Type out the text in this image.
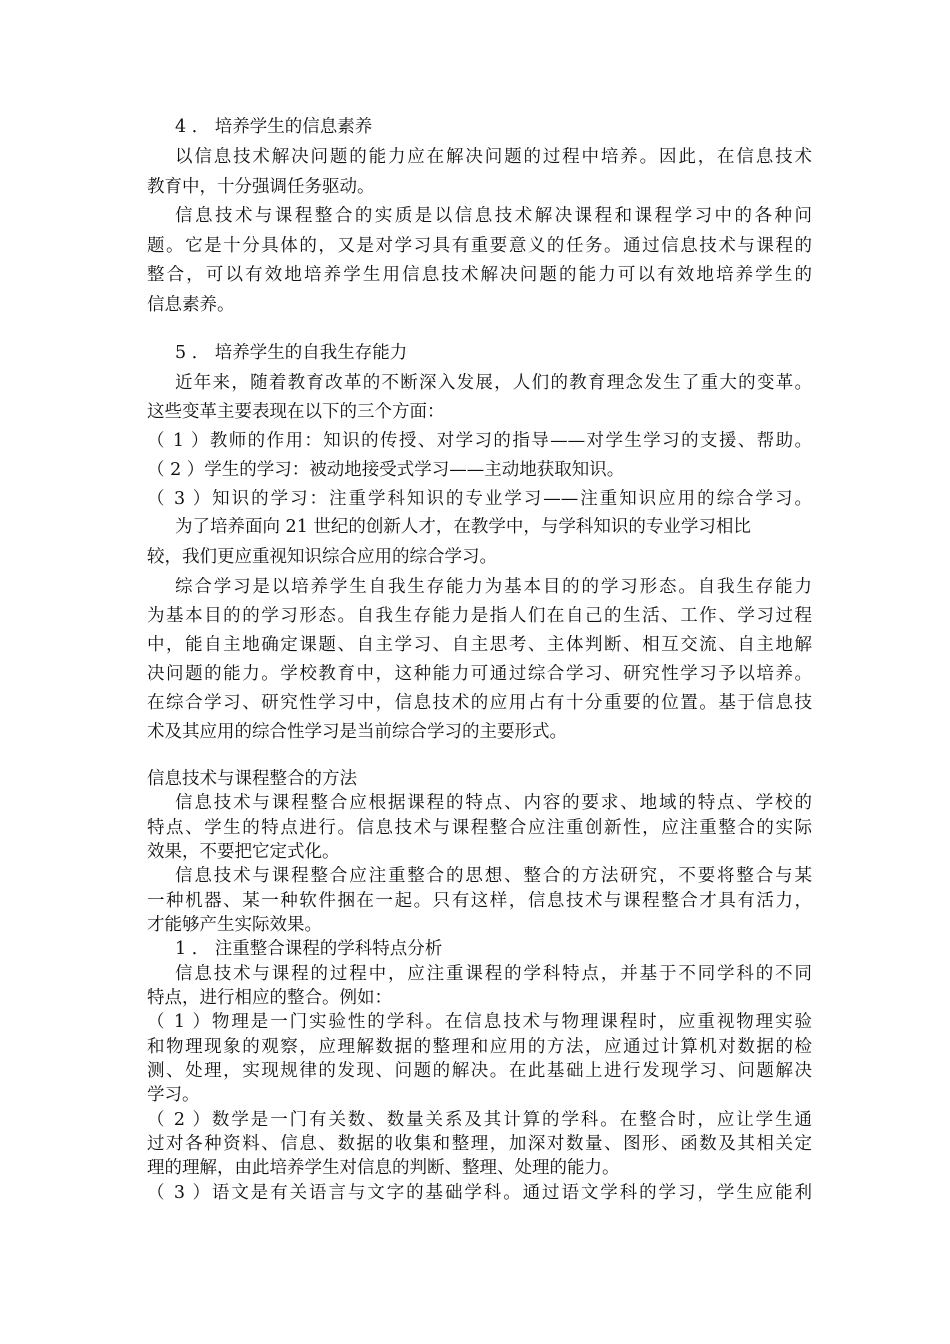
4 ． 培养学生的信息素养
以信息技术解决问题的能力应在解决问题的过程中培养。因此，在信息技术
教育中，十分强调任务驱动。
信息技术与课程整合的实质是以信息技术解决课程和课程学习中的各种问
题。它是十分具体的，又是对学习具有重要意义的任务。通过信息技术与课程的
整合，可以有效地培养学生用信息技术解决问题的能力可以有效地培养学生的
信息素养。
5 ． 培养学生的自我生存能力
近年来，随着教育改革的不断深入发展，人们的教育理念发生了重大的变革。
这些变革主要表现在以下的三个方面：
（ 1 ）教师的作用：知识的传授、对学习的指导——对学生学习的支援、帮助。
（ 2 ）学生的学习：被动地接受式学习——主动地获取知识。
（ 3 ）知识的学习：注重学科知识的专业学习——注重知识应用的综合学习。
为了培养面向 21 世纪的创新人才，在教学中，与学科知识的专业学习相比
较，我们更应重视知识综合应用的综合学习。
综合学习是以培养学生自我生存能力为基本目的的学习形态。自我生存能力
为基本目的的学习形态。自我生存能力是指人们在自己的生活、工作、学习过程
中，能自主地确定课题、自主学习、自主思考、主体判断、相互交流、自主地解
决问题的能力。学校教育中，这种能力可通过综合学习、研究性学习予以培养。
在综合学习、研究性学习中，信息技术的应用占有十分重要的位置。基于信息技
术及其应用的综合性学习是当前综合学习的主要形式。
信息技术与课程整合的方法
信息技术与课程整合应根据课程的特点、内容的要求、地域的特点、学校的
特点、学生的特点进行。信息技术与课程整合应注重创新性，应注重整合的实际
效果，不要把它定式化。
信息技术与课程整合应注重整合的思想、整合的方法研究，不要将整合与某
一种机器、某一种软件捆在一起。只有这样，信息技术与课程整合才具有活力，
才能够产生实际效果。
1 ． 注重整合课程的学科特点分析
信息技术与课程的过程中，应注重课程的学科特点，并基于不同学科的不同
特点，进行相应的整合。例如：
（ 1 ）物理是一门实验性的学科。在信息技术与物理课程时，应重视物理实验
和物理现象的观察，应理解数据的整理和应用的方法，应通过计算机对数据的检
测、处理，实现规律的发现、问题的解决。在此基础上进行发现学习、问题解决
学习。
（ 2 ）数学是一门有关数、数量关系及其计算的学科。在整合时，应让学生通
过对各种资料、信息、数据的收集和整理，加深对数量、图形、函数及其相关定
理的理解，由此培养学生对信息的判断、整理、处理的能力。
（ 3 ）语文是有关语言与文字的基础学科。通过语文学科的学习，学生应能利
